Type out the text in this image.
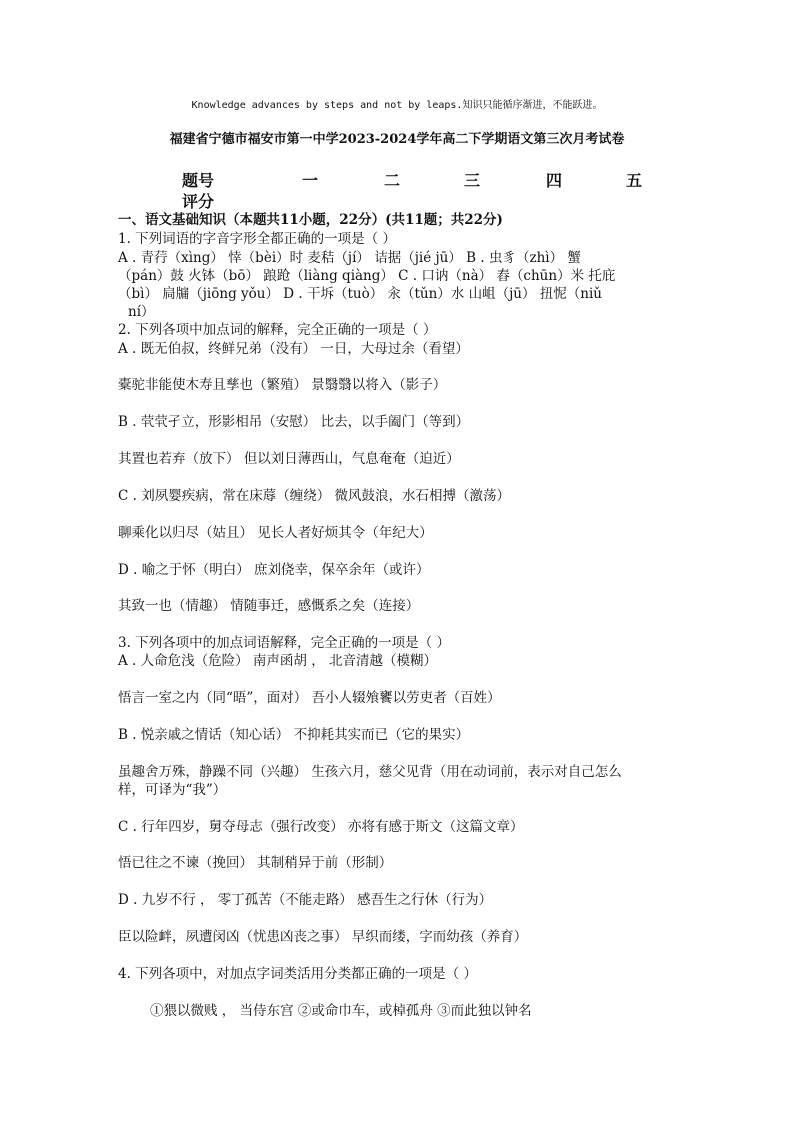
Knowledge advances by steps and not by leaps.知识只能循序渐进，不能跃进。
福建省宁德市福安市第一中学2023-2024学年高二下学期语文第三次月考试卷
题号	一	二	三	四	五
评分
一、语文基础知识（本题共11小题，22分）(共11题；共22分)
1. 下列词语的字音字形全都正确的一项是（ ）
A . 青荇（xìng） 悻（bèi）时 麦秸（jí） 诘据（jié jū） B . 虫豸（zhì） 蟹
（pán）鼓 火钵（bō） 踉跄（liàng qiàng） C . 口讷（nà） 舂（chūn）米 托庇
（bì） 扃牖（jiōng yǒu） D . 干坼（tuò） 汆（tǔn）水 山岨（jū） 扭怩（niǔ
ní）
2. 下列各项中加点词的解释，完全正确的一项是（ ）
A . 既无伯叔，终鲜兄弟（没有） 一日，大母过余（看望）
橐驼非能使木寿且孳也（繁殖） 景翳翳以将入（影子）
B . 茕茕孑立，形影相吊（安慰） 比去，以手阖门（等到）
其置也若弃（放下） 但以刘日薄西山，气息奄奄（迫近）
C . 刘夙婴疾病，常在床蓐（缠绕） 微风鼓浪，水石相搏（激荡）
聊乘化以归尽（姑且） 见长人者好烦其令（年纪大）
D . 喻之于怀（明白） 庶刘侥幸，保卒余年（或许）
其致一也（情趣） 情随事迁，感慨系之矣（连接）
3. 下列各项中的加点词语解释，完全正确的一项是（ ）
A . 人命危浅（危险） 南声函胡 ， 北音清越（模糊）
悟言一室之内（同“晤”，面对） 吾小人辍飧饔以劳吏者（百姓）
B . 悦亲戚之情话（知心话） 不抑耗其实而已（它的果实）
虽趣舍万殊，静躁不同（兴趣） 生孩六月，慈父见背（用在动词前，表示对自己怎么
样，可译为“我”）
C . 行年四岁，舅夺母志（强行改变） 亦将有感于斯文（这篇文章）
悟已往之不谏（挽回） 其制稍异于前（形制）
D . 九岁不行 ， 零丁孤苦（不能走路） 感吾生之行休（行为）
臣以险衅，夙遭闵凶（忧患凶丧之事） 早织而缕，字而幼孩（养育）
4. 下列各项中，对加点字词类活用分类都正确的一项是（ ）
①猥以微贱 ， 当侍东宫 ②或命巾车，或棹孤舟 ③而此独以钟名
